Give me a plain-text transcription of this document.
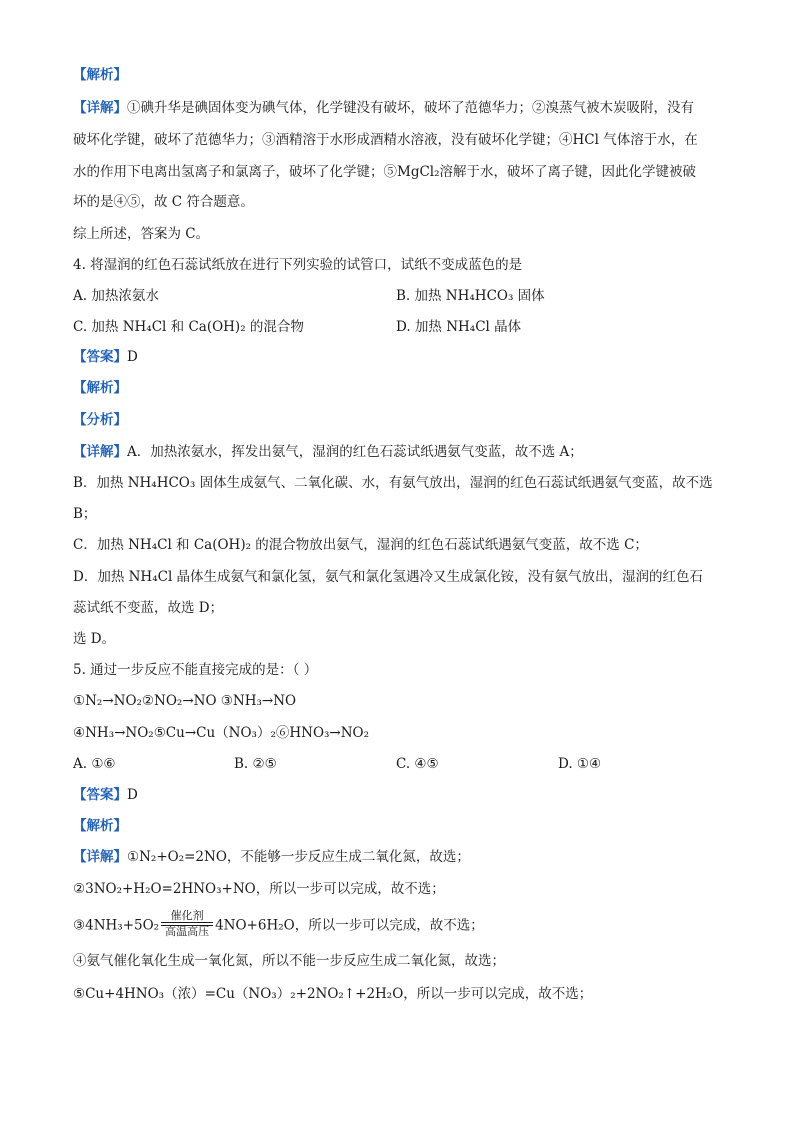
【解析】
【详解】①碘升华是碘固体变为碘气体，化学键没有破坏，破坏了范德华力；②溴蒸气被木炭吸附，没有
破坏化学键，破坏了范德华力；③酒精溶于水形成酒精水溶液，没有破坏化学键；④HCl 气体溶于水，在
水的作用下电离出氢离子和氯离子，破坏了化学键；⑤MgCl₂溶解于水，破坏了离子键，因此化学键被破
坏的是④⑤，故 C 符合题意。
综上所述，答案为 C。
4. 将湿润的红色石蕊试纸放在进行下列实验的试管口，试纸不变成蓝色的是
A. 加热浓氨水	B. 加热 NH₄HCO₃ 固体
C. 加热 NH₄Cl 和 Ca(OH)₂ 的混合物	D. 加热 NH₄Cl 晶体
【答案】D
【解析】
【分析】
【详解】A．加热浓氨水，挥发出氨气，湿润的红色石蕊试纸遇氨气变蓝，故不选 A；
B．加热 NH₄HCO₃ 固体生成氨气、二氧化碳、水，有氨气放出，湿润的红色石蕊试纸遇氨气变蓝，故不选
B；
C．加热 NH₄Cl 和 Ca(OH)₂ 的混合物放出氨气，湿润的红色石蕊试纸遇氨气变蓝，故不选 C；
D．加热 NH₄Cl 晶体生成氨气和氯化氢，氨气和氯化氢遇冷又生成氯化铵，没有氨气放出，湿润的红色石
蕊试纸不变蓝，故选 D；
选 D。
5. 通过一步反应不能直接完成的是：（ ）
①N₂→NO₂②NO₂→NO ③NH₃→NO
④NH₃→NO₂⑤Cu→Cu（NO₃）₂⑥HNO₃→NO₂
A. ①⑥	B. ②⑤	C. ④⑤	D. ①④
【答案】D
【解析】
【详解】①N₂+O₂=2NO，不能够一步反应生成二氧化氮，故选；
②3NO₂+H₂O=2HNO₃+NO，所以一步可以完成，故不选；
③4NH₃+5O₂
催化剂
高温高压 4NO+6H₂O，所以一步可以完成，故不选；
④氨气催化氧化生成一氧化氮，所以不能一步反应生成二氧化氮，故选；
⑤Cu+4HNO₃（浓）=Cu（NO₃）₂+2NO₂↑+2H₂O，所以一步可以完成，故不选；
